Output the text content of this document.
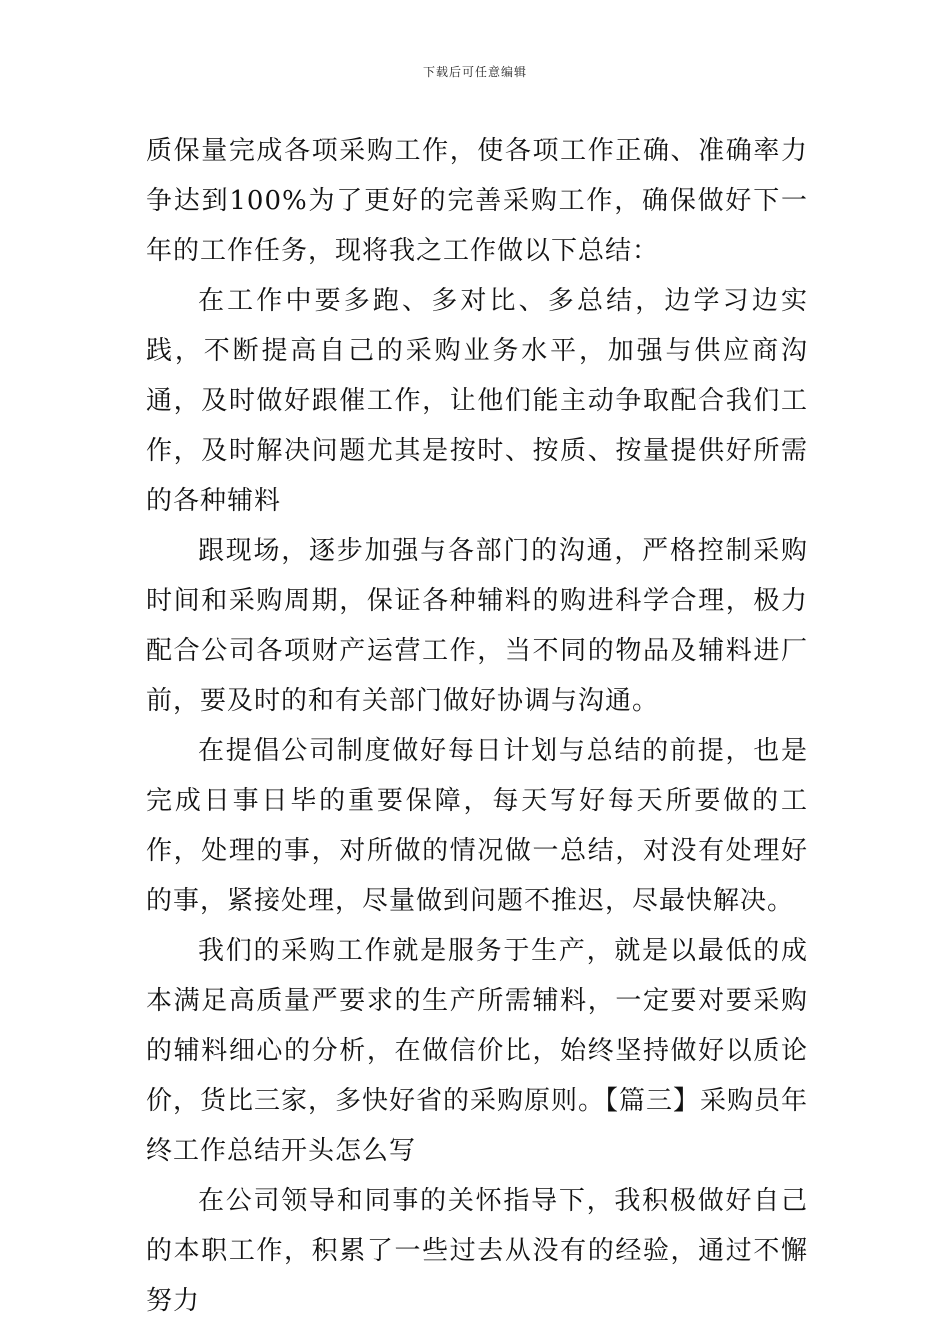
下载后可任意编辑

质保量完成各项采购工作，使各项工作正确、准确率力争达到100%为了更好的完善采购工作，确保做好下一年的工作任务，现将我之工作做以下总结：

在工作中要多跑、多对比、多总结，边学习边实践，不断提高自己的采购业务水平，加强与供应商沟通，及时做好跟催工作，让他们能主动争取配合我们工作，及时解决问题尤其是按时、按质、按量提供好所需的各种辅料

跟现场，逐步加强与各部门的沟通，严格控制采购时间和采购周期，保证各种辅料的购进科学合理，极力配合公司各项财产运营工作，当不同的物品及辅料进厂前，要及时的和有关部门做好协调与沟通。

在提倡公司制度做好每日计划与总结的前提，也是完成日事日毕的重要保障，每天写好每天所要做的工作，处理的事，对所做的情况做一总结，对没有处理好的事，紧接处理，尽量做到问题不推迟，尽最快解决。

我们的采购工作就是服务于生产，就是以最低的成本满足高质量严要求的生产所需辅料，一定要对要采购的辅料细心的分析，在做信价比，始终坚持做好以质论价，货比三家，多快好省的采购原则。【篇三】采购员年终工作总结开头怎么写

在公司领导和同事的关怀指导下，我积极做好自己的本职工作，积累了一些过去从没有的经验，通过不懈努力
